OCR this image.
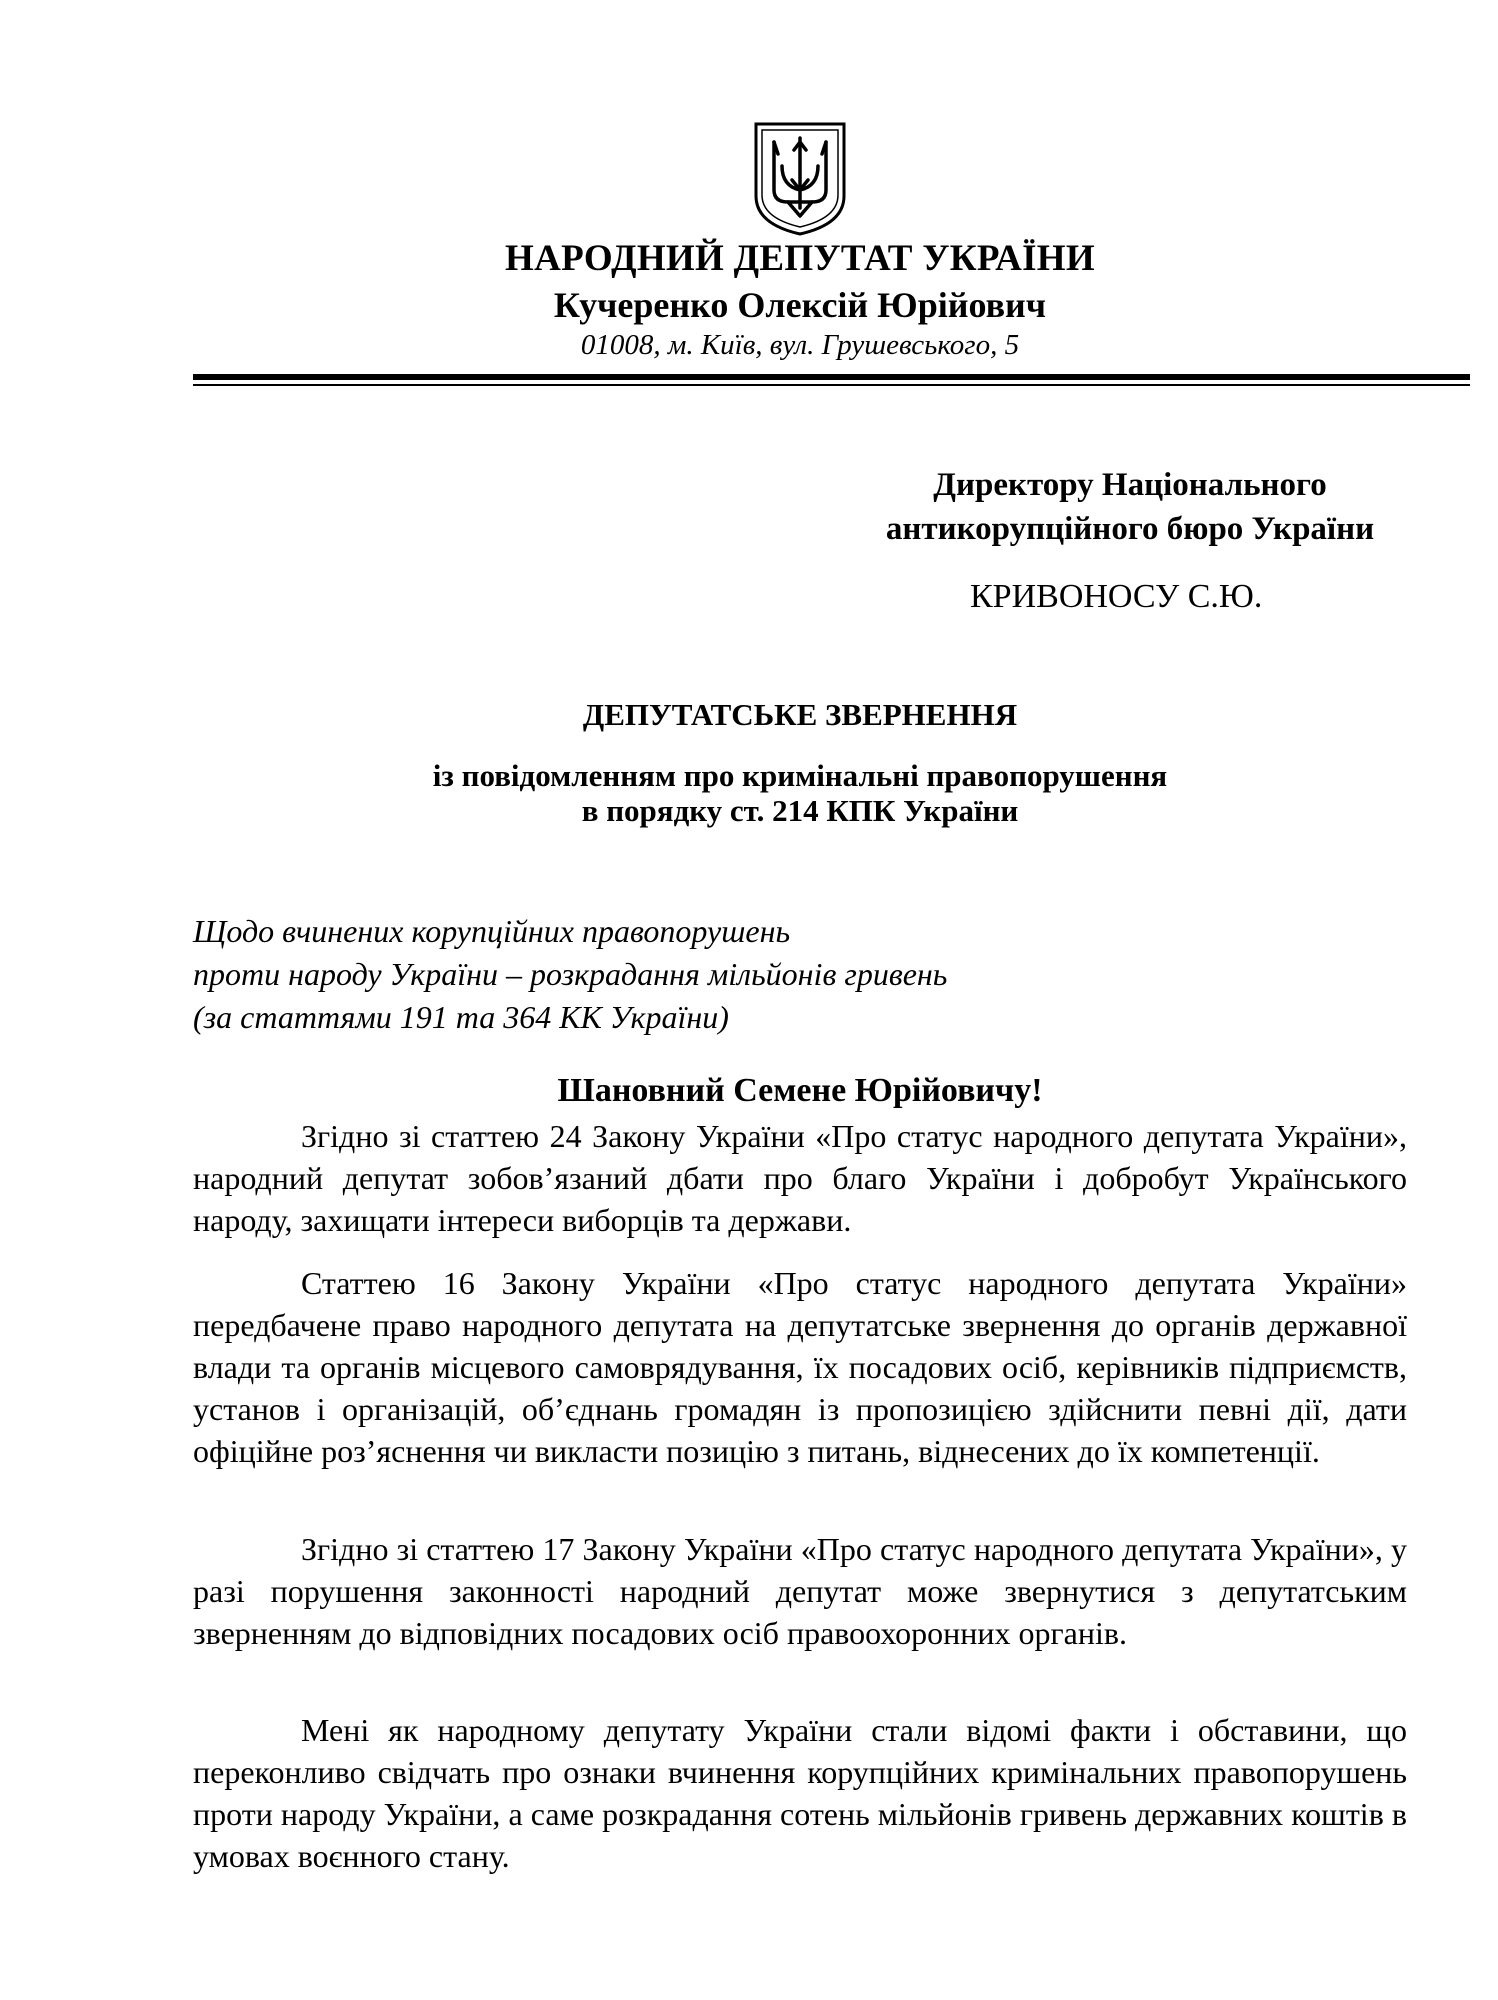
НАРОДНИЙ ДЕПУТАТ УКРАЇНИ
Кучеренко Олексій Юрійович
01008, м. Київ, вул. Грушевського, 5
Директору Національного
антикорупційного бюро України
КРИВОНОСУ С.Ю.
ДЕПУТАТСЬКЕ ЗВЕРНЕННЯ
із повідомленням про кримінальні правопорушення
в порядку ст. 214 КПК України
Щодо вчинених корупційних правопорушень
проти народу України – розкрадання мільйонів гривень
(за статтями 191 та 364 КК України)
Шановний Семене Юрійовичу!

Згідно зі статтею 24 Закону України «Про статус народного депутата України», народний депутат зобов’язаний дбати про благо України і добробут Українського народу, захищати інтереси виборців та держави.

Статтею 16 Закону України «Про статус народного депутата України» передбачене право народного депутата на депутатське звернення до органів державної влади та органів місцевого самоврядування, їх посадових осіб, керівників підприємств, установ і організацій, об’єднань громадян із пропозицією здійснити певні дії, дати офіційне роз’яснення чи викласти позицію з питань, віднесених до їх компетенції.

Згідно зі статтею 17 Закону України «Про статус народного депутата України», у разі порушення законності народний депутат може звернутися з депутатським зверненням до відповідних посадових осіб правоохоронних органів.

Мені як народному депутату України стали відомі факти і обставини, що переконливо свідчать про ознаки вчинення корупційних кримінальних правопорушень проти народу України, а саме розкрадання сотень мільйонів гривень державних коштів в умовах воєнного стану.
